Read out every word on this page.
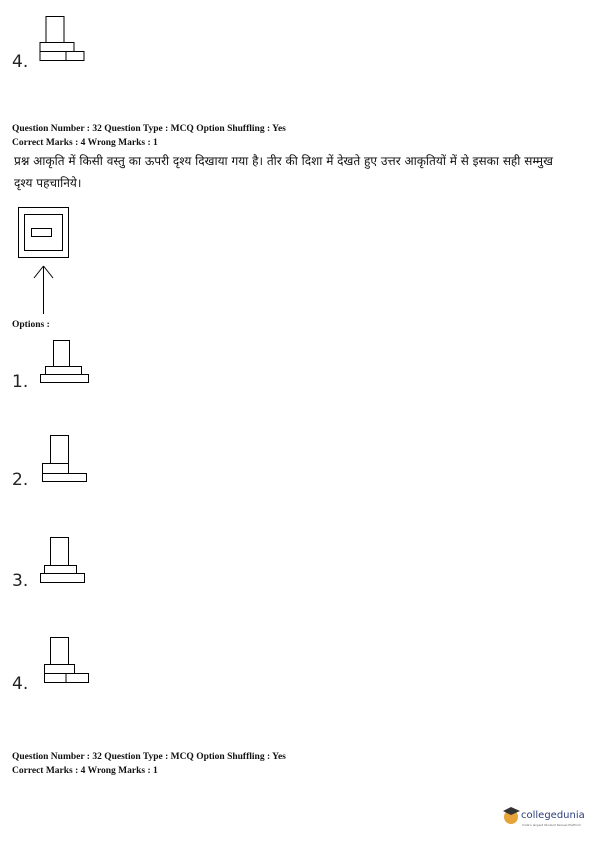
4.
Question Number : 32 Question Type : MCQ Option Shuffling : Yes
Correct Marks : 4 Wrong Marks : 1
प्रश्न आकृति में किसी वस्तु का ऊपरी दृश्य दिखाया गया है। तीर की दिशा में देखते हुए उत्तर आकृतियों में से इसका सही सम्मुख दृश्य पहचानिये।
Options :
1.
2.
3.
4.
Question Number : 32 Question Type : MCQ Option Shuffling : Yes
Correct Marks : 4 Wrong Marks : 1
collegedunia
India's largest Student Review Platform
